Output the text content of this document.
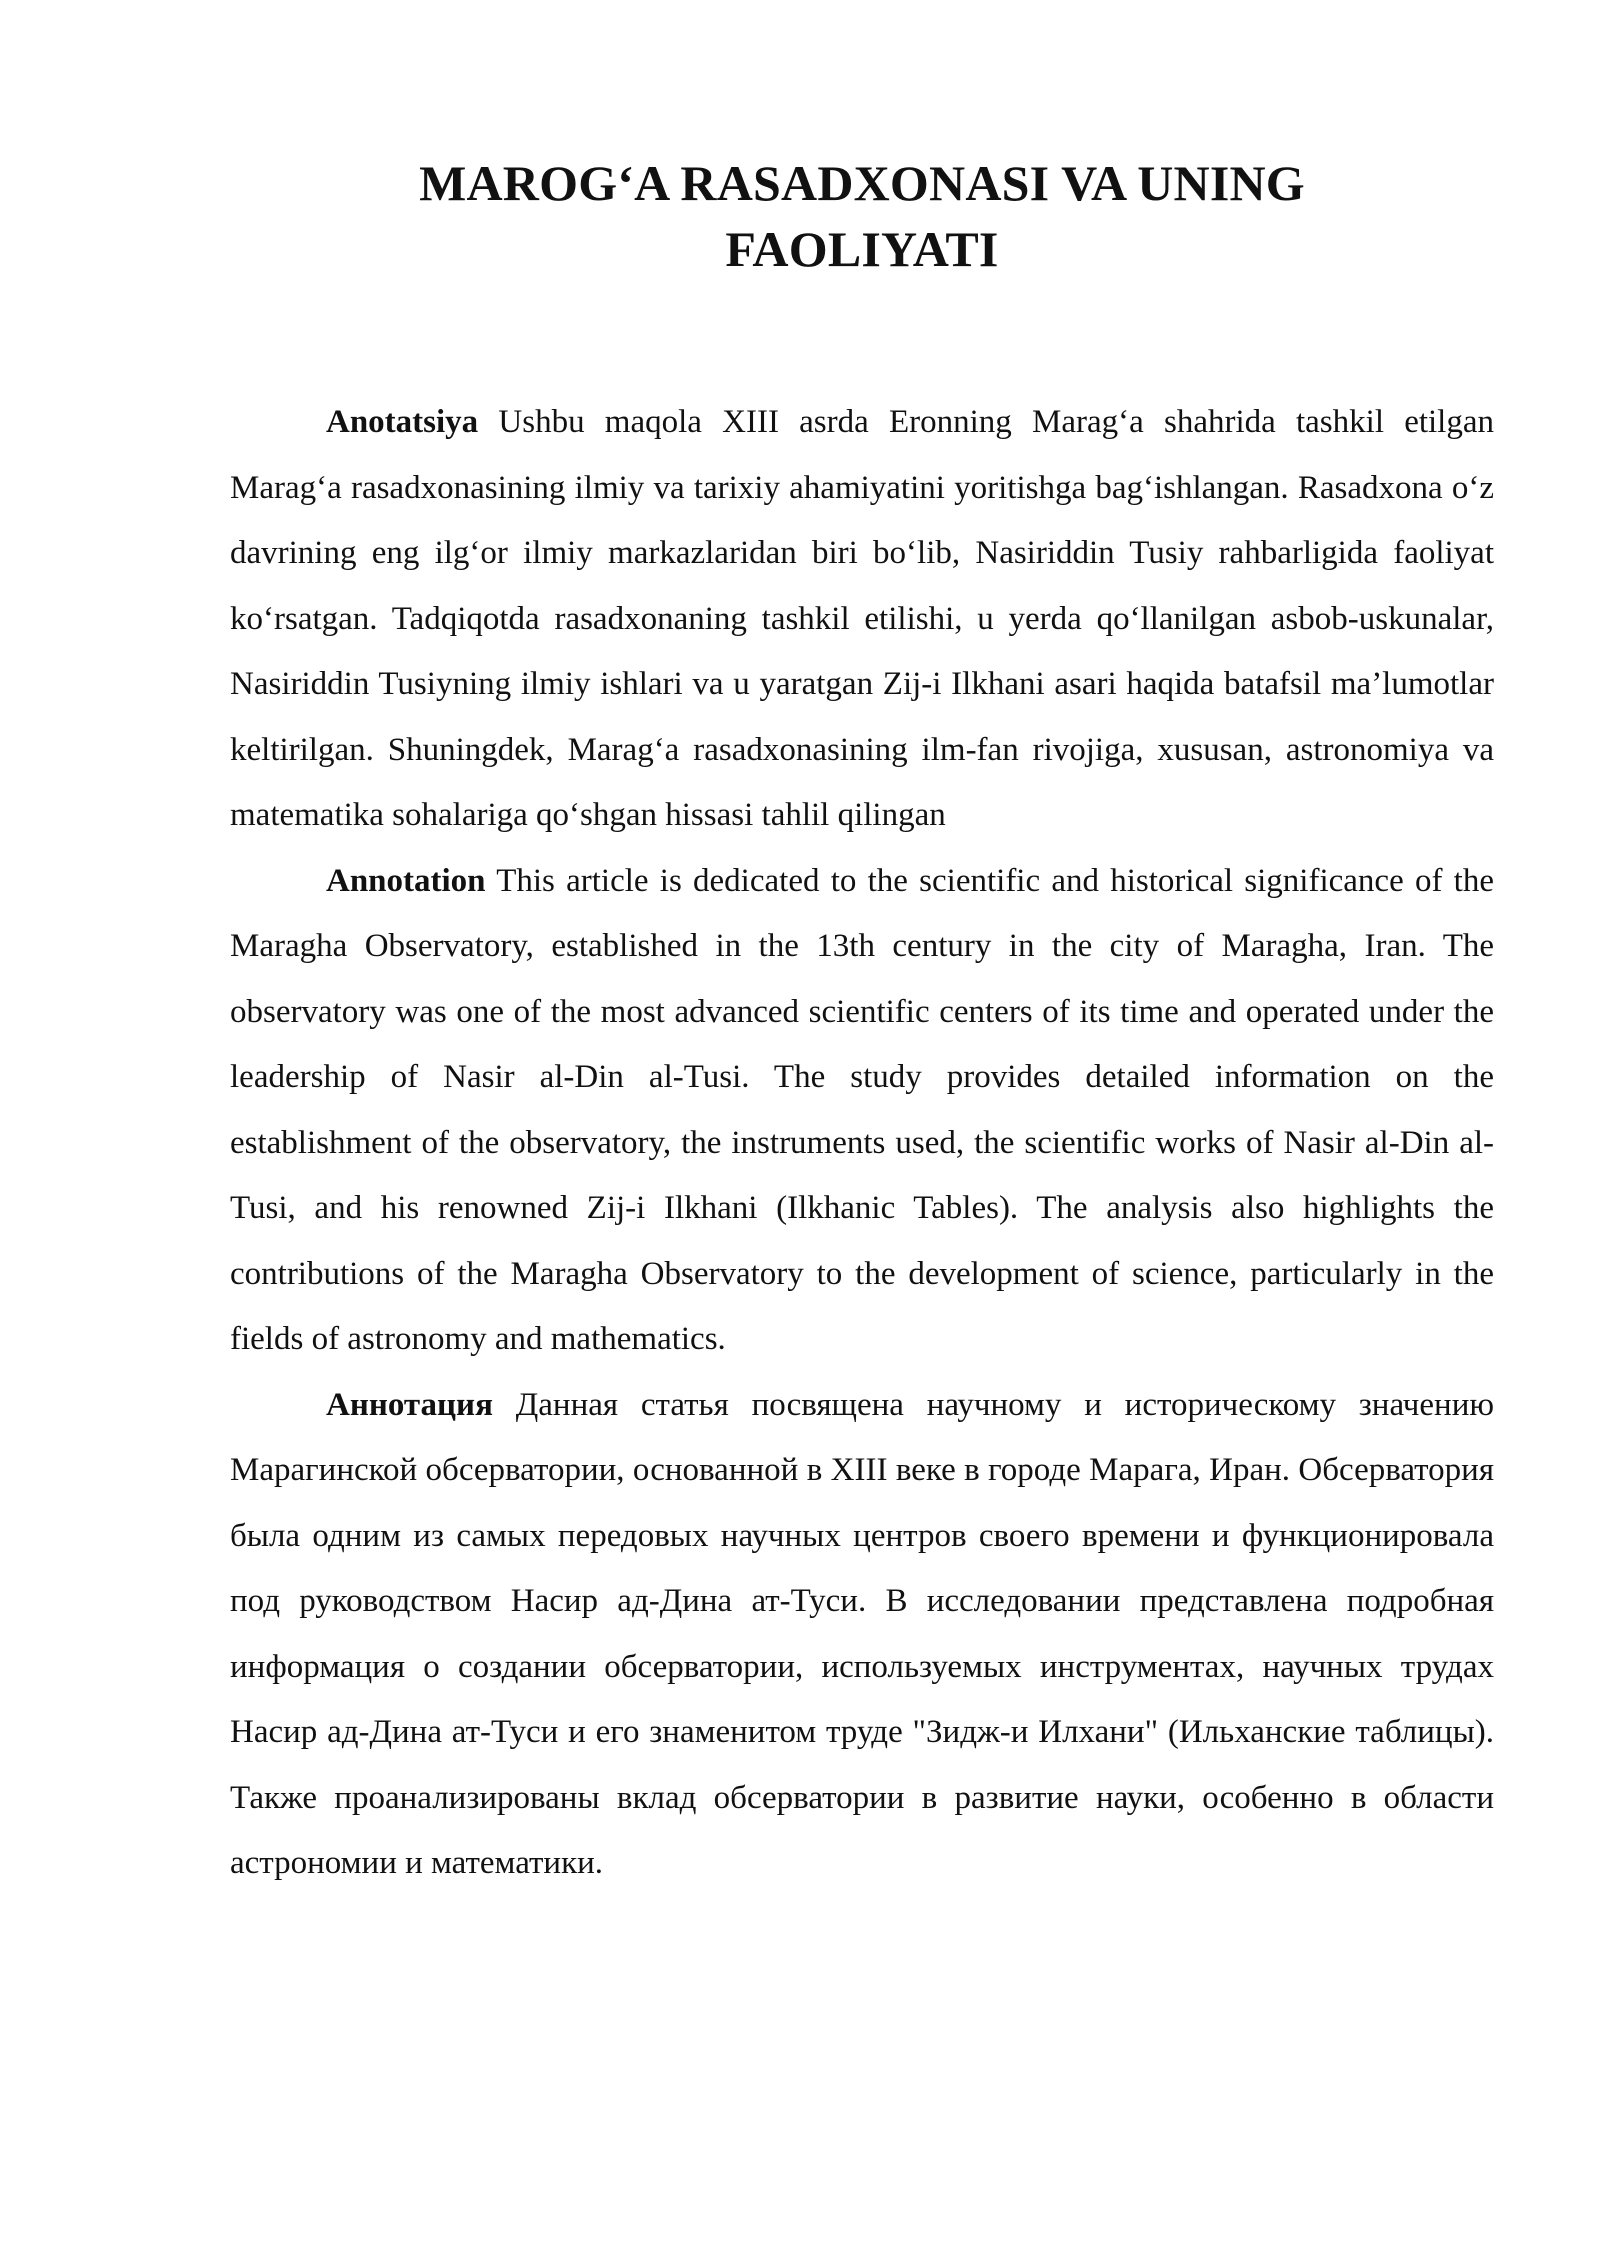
MAROG‘A RASADXONASI VA UNING
FAOLIYATI

Anotatsiya Ushbu maqola XIII asrda Eronning Marag‘a shahrida tashkil etilgan Marag‘a rasadxonasining ilmiy va tarixiy ahamiyatini yoritishga bag‘ishlangan. Rasadxona o‘z davrining eng ilg‘or ilmiy markazlaridan biri bo‘lib, Nasiriddin Tusiy rahbarligida faoliyat ko‘rsatgan. Tadqiqotda rasadxonaning tashkil etilishi, u yerda qo‘llanilgan asbob-uskunalar, Nasiriddin Tusiyning ilmiy ishlari va u yaratgan Zij-i Ilkhani asari haqida batafsil ma’lumotlar keltirilgan. Shuningdek, Marag‘a rasadxonasining ilm-fan rivojiga, xususan, astronomiya va matematika sohalariga qo‘shgan hissasi tahlil qilingan

Annotation This article is dedicated to the scientific and historical significance of the Maragha Observatory, established in the 13th century in the city of Maragha, Iran. The observatory was one of the most advanced scientific centers of its time and operated under the leadership of Nasir al-Din al-Tusi. The study provides detailed information on the establishment of the observatory, the instruments used, the scientific works of Nasir al-Din al-Tusi, and his renowned Zij-i Ilkhani (Ilkhanic Tables). The analysis also highlights the contributions of the Maragha Observatory to the development of science, particularly in the fields of astronomy and mathematics.

Аннотация Данная статья посвящена научному и историческому значению Марагинской обсерватории, основанной в XIII веке в городе Марага, Иран. Обсерватория была одним из самых передовых научных центров своего времени и функционировала под руководством Насир ад-Дина ат-Туси. В исследовании представлена подробная информация о создании обсерватории, используемых инструментах, научных трудах Насир ад-Дина ат-Туси и его знаменитом труде "Зидж-и Илхани" (Ильханские таблицы). Также проанализированы вклад обсерватории в развитие науки, особенно в области астрономии и математики.
